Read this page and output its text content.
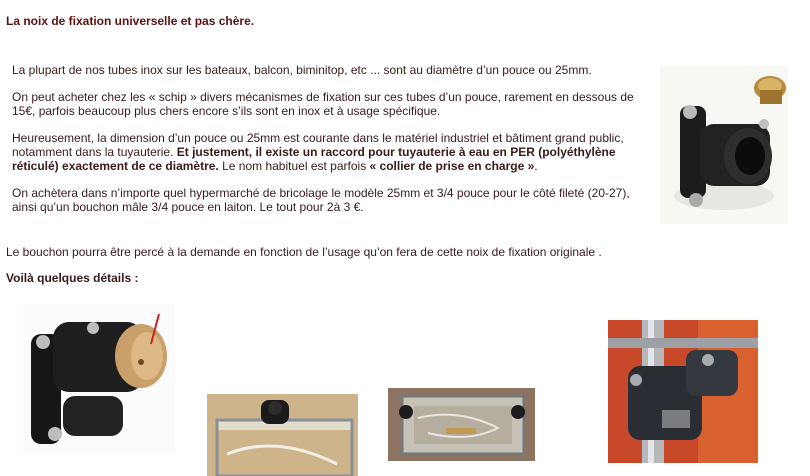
La noix de fixation universelle et pas chère.
La plupart de nos tubes inox sur les bateaux, balcon, biminitop, etc ... sont au diamètre d’un pouce ou 25mm.
On peut acheter chez les « schip » divers mécanismes de fixation sur ces tubes d’un pouce, rarement en dessous de 15€, parfois beaucoup plus chers encore s’ils sont en inox et à usage spécifique.
Heureusement, la dimension d’un pouce ou 25mm est courante dans le matériel industriel et bâtiment grand public, notamment dans la tuyauterie. Et justement, il existe un raccord pour tuyauterie à eau en PER (polyéthylène réticulé) exactement de ce diamètre. Le nom habituel est parfois « collier de prise en charge ».
On achètera dans n’importe quel hypermarché de bricolage le modèle 25mm et 3/4 pouce pour le côté fileté (20-27), ainsi qu’un bouchon mâle 3/4 pouce en laiton. Le tout pour 2à 3 €.
Le bouchon pourra être percé à la demande en fonction de l’usage qu’on fera de cette noix de fixation originale .
Voilà quelques détails :
